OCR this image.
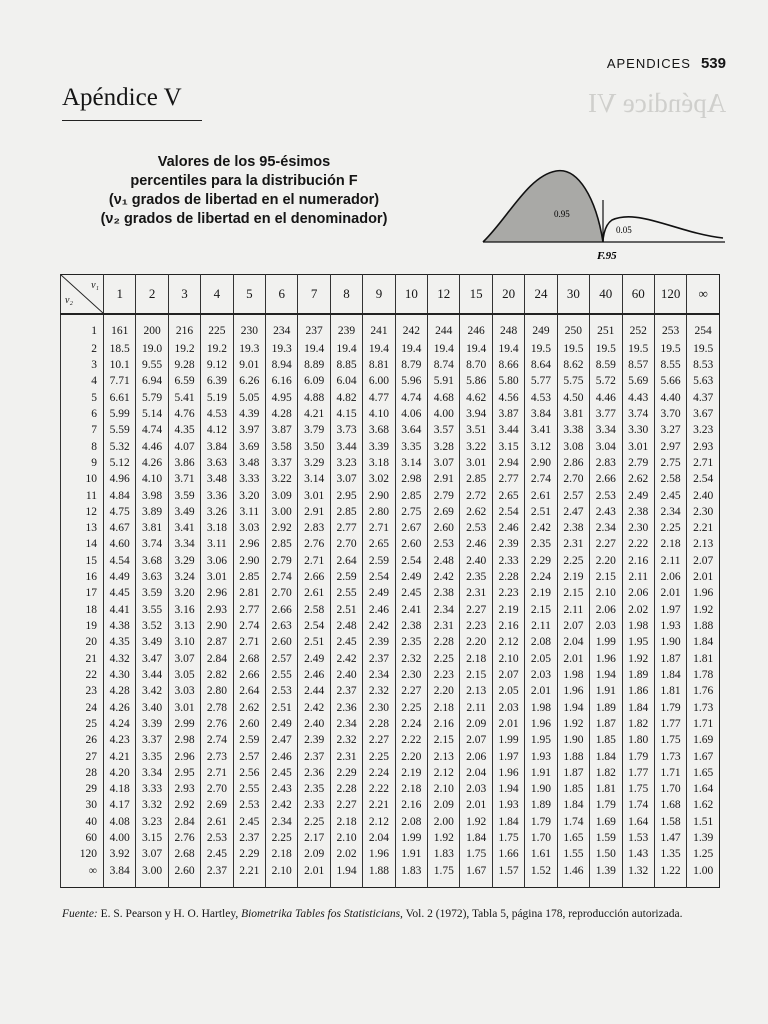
APENDICES 539
Apéndice VI
Apéndice V
Valores de los 95-ésimos
percentiles para la distribución F
(ν₁ grados de libertad en el numerador)
(ν₂ grados de libertad en el denominador)	0.95
0.05
F.95
ν₂
ν₁	1	2	3	4	5	6	7	8	9	10	12	15	20	24	30	40	60	120	∞
1	161	200	216	225	230	234	237	239	241	242	244	246	248	249	250	251	252	253	254
2	18.5	19.0	19.2	19.2	19.3	19.3	19.4	19.4	19.4	19.4	19.4	19.4	19.4	19.5	19.5	19.5	19.5	19.5	19.5
3	10.1	9.55	9.28	9.12	9.01	8.94	8.89	8.85	8.81	8.79	8.74	8.70	8.66	8.64	8.62	8.59	8.57	8.55	8.53
4	7.71	6.94	6.59	6.39	6.26	6.16	6.09	6.04	6.00	5.96	5.91	5.86	5.80	5.77	5.75	5.72	5.69	5.66	5.63
5	6.61	5.79	5.41	5.19	5.05	4.95	4.88	4.82	4.77	4.74	4.68	4.62	4.56	4.53	4.50	4.46	4.43	4.40	4.37
6	5.99	5.14	4.76	4.53	4.39	4.28	4.21	4.15	4.10	4.06	4.00	3.94	3.87	3.84	3.81	3.77	3.74	3.70	3.67
7	5.59	4.74	4.35	4.12	3.97	3.87	3.79	3.73	3.68	3.64	3.57	3.51	3.44	3.41	3.38	3.34	3.30	3.27	3.23
8	5.32	4.46	4.07	3.84	3.69	3.58	3.50	3.44	3.39	3.35	3.28	3.22	3.15	3.12	3.08	3.04	3.01	2.97	2.93
9	5.12	4.26	3.86	3.63	3.48	3.37	3.29	3.23	3.18	3.14	3.07	3.01	2.94	2.90	2.86	2.83	2.79	2.75	2.71
10	4.96	4.10	3.71	3.48	3.33	3.22	3.14	3.07	3.02	2.98	2.91	2.85	2.77	2.74	2.70	2.66	2.62	2.58	2.54
11	4.84	3.98	3.59	3.36	3.20	3.09	3.01	2.95	2.90	2.85	2.79	2.72	2.65	2.61	2.57	2.53	2.49	2.45	2.40
12	4.75	3.89	3.49	3.26	3.11	3.00	2.91	2.85	2.80	2.75	2.69	2.62	2.54	2.51	2.47	2.43	2.38	2.34	2.30
13	4.67	3.81	3.41	3.18	3.03	2.92	2.83	2.77	2.71	2.67	2.60	2.53	2.46	2.42	2.38	2.34	2.30	2.25	2.21
14	4.60	3.74	3.34	3.11	2.96	2.85	2.76	2.70	2.65	2.60	2.53	2.46	2.39	2.35	2.31	2.27	2.22	2.18	2.13
15	4.54	3.68	3.29	3.06	2.90	2.79	2.71	2.64	2.59	2.54	2.48	2.40	2.33	2.29	2.25	2.20	2.16	2.11	2.07
16	4.49	3.63	3.24	3.01	2.85	2.74	2.66	2.59	2.54	2.49	2.42	2.35	2.28	2.24	2.19	2.15	2.11	2.06	2.01
17	4.45	3.59	3.20	2.96	2.81	2.70	2.61	2.55	2.49	2.45	2.38	2.31	2.23	2.19	2.15	2.10	2.06	2.01	1.96
18	4.41	3.55	3.16	2.93	2.77	2.66	2.58	2.51	2.46	2.41	2.34	2.27	2.19	2.15	2.11	2.06	2.02	1.97	1.92
19	4.38	3.52	3.13	2.90	2.74	2.63	2.54	2.48	2.42	2.38	2.31	2.23	2.16	2.11	2.07	2.03	1.98	1.93	1.88
20	4.35	3.49	3.10	2.87	2.71	2.60	2.51	2.45	2.39	2.35	2.28	2.20	2.12	2.08	2.04	1.99	1.95	1.90	1.84
21	4.32	3.47	3.07	2.84	2.68	2.57	2.49	2.42	2.37	2.32	2.25	2.18	2.10	2.05	2.01	1.96	1.92	1.87	1.81
22	4.30	3.44	3.05	2.82	2.66	2.55	2.46	2.40	2.34	2.30	2.23	2.15	2.07	2.03	1.98	1.94	1.89	1.84	1.78
23	4.28	3.42	3.03	2.80	2.64	2.53	2.44	2.37	2.32	2.27	2.20	2.13	2.05	2.01	1.96	1.91	1.86	1.81	1.76
24	4.26	3.40	3.01	2.78	2.62	2.51	2.42	2.36	2.30	2.25	2.18	2.11	2.03	1.98	1.94	1.89	1.84	1.79	1.73
25	4.24	3.39	2.99	2.76	2.60	2.49	2.40	2.34	2.28	2.24	2.16	2.09	2.01	1.96	1.92	1.87	1.82	1.77	1.71
26	4.23	3.37	2.98	2.74	2.59	2.47	2.39	2.32	2.27	2.22	2.15	2.07	1.99	1.95	1.90	1.85	1.80	1.75	1.69
27	4.21	3.35	2.96	2.73	2.57	2.46	2.37	2.31	2.25	2.20	2.13	2.06	1.97	1.93	1.88	1.84	1.79	1.73	1.67
28	4.20	3.34	2.95	2.71	2.56	2.45	2.36	2.29	2.24	2.19	2.12	2.04	1.96	1.91	1.87	1.82	1.77	1.71	1.65
29	4.18	3.33	2.93	2.70	2.55	2.43	2.35	2.28	2.22	2.18	2.10	2.03	1.94	1.90	1.85	1.81	1.75	1.70	1.64
30	4.17	3.32	2.92	2.69	2.53	2.42	2.33	2.27	2.21	2.16	2.09	2.01	1.93	1.89	1.84	1.79	1.74	1.68	1.62
40	4.08	3.23	2.84	2.61	2.45	2.34	2.25	2.18	2.12	2.08	2.00	1.92	1.84	1.79	1.74	1.69	1.64	1.58	1.51
60	4.00	3.15	2.76	2.53	2.37	2.25	2.17	2.10	2.04	1.99	1.92	1.84	1.75	1.70	1.65	1.59	1.53	1.47	1.39
120	3.92	3.07	2.68	2.45	2.29	2.18	2.09	2.02	1.96	1.91	1.83	1.75	1.66	1.61	1.55	1.50	1.43	1.35	1.25
∞	3.84	3.00	2.60	2.37	2.21	2.10	2.01	1.94	1.88	1.83	1.75	1.67	1.57	1.52	1.46	1.39	1.32	1.22	1.00
Fuente: E. S. Pearson y H. O. Hartley, Biometrika Tables fos Statisticians, Vol. 2 (1972), Tabla 5, página 178, reproducción autorizada.
